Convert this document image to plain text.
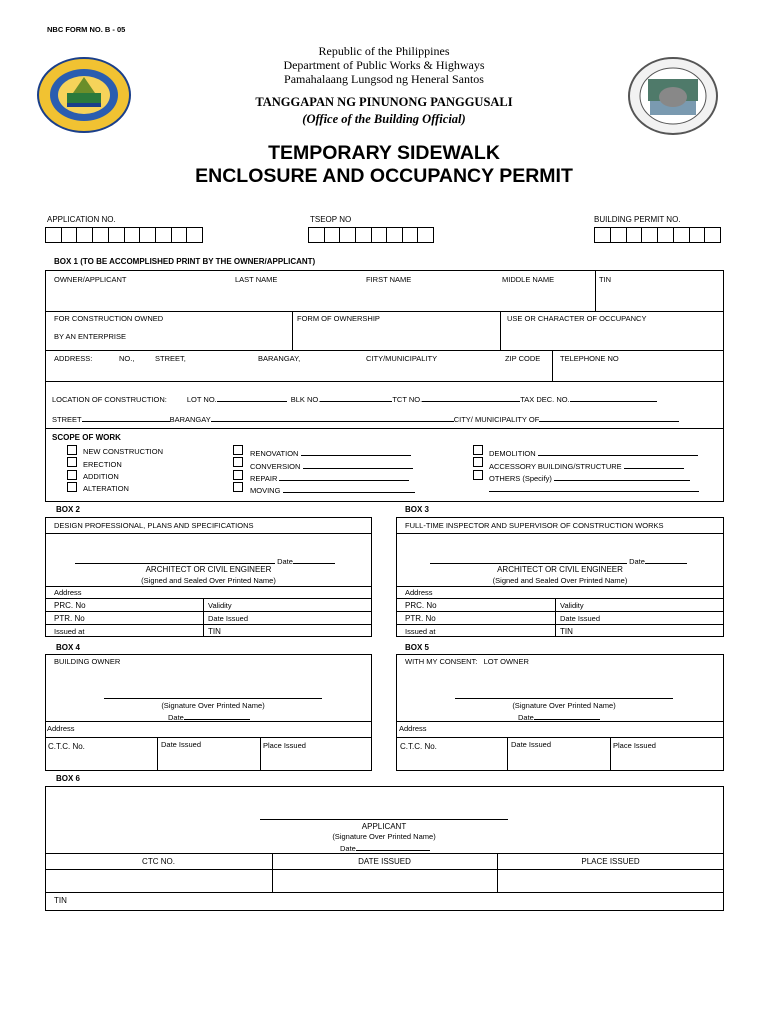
NBC FORM NO. B - 05
Republic of the Philippines
Department of Public Works & Highways
Pamahalaang Lungsod ng Heneral Santos
TANGGAPAN NG PINUNONG PANGGUSALI
(Office of the Building Official)
TEMPORARY SIDEWALK
ENCLOSURE AND OCCUPANCY PERMIT
APPLICATION NO.	TSEOP NO	BUILDING PERMIT NO.
BOX 1 (TO BE ACCOMPLISHED PRINT BY THE OWNER/APPLICANT)
OWNER/APPLICANT	LAST NAME	FIRST NAME	MIDDLE NAME	TIN
FOR CONSTRUCTION OWNED
BY AN ENTERPRISE
FORM OF OWNERSHIP	USE OR CHARACTER OF OCCUPANCY
ADDRESS:	NO.,	STREET,	BARANGAY,	CITY/MUNICIPALITY	ZIP CODE	TELEPHONE NO
LOCATION OF CONSTRUCTION:	LOT NO.	BLK NO.	TCT NO.	TAX DEC. NO.
STREET	BARANGAY	CITY/ MUNICIPALITY OF
SCOPE OF WORK
NEW CONSTRUCTION
ERECTION
ADDITION
ALTERATION
RENOVATION
CONVERSION
REPAIR
MOVING
DEMOLITION
ACCESSORY BUILDING/STRUCTURE
OTHERS (Specify)
BOX 2
DESIGN PROFESSIONAL, PLANS AND SPECIFICATIONS
Date
ARCHITECT OR CIVIL ENGINEER
(Signed and Sealed Over Printed Name)
Address
PRC. No	Validity
PTR. No	Date Issued
Issued at	TIN
BOX 3
FULL-TIME INSPECTOR AND SUPERVISOR OF CONSTRUCTION WORKS
Date
ARCHITECT OR CIVIL ENGINEER
(Signed and Sealed Over Printed Name)
Address
PRC. No	Validity
PTR. No	Date Issued
Issued at	TIN
BOX 4
BUILDING OWNER
(Signature Over Printed Name)
Date
Address
C.T.C. No.	Date Issued	Place Issued
BOX 5
WITH MY CONSENT:   LOT OWNER
(Signature Over Printed Name)
Date
Address
C.T.C. No.	Date Issued	Place Issued
BOX 6
APPLICANT
(Signature Over Printed Name)
Date
CTC NO.	DATE ISSUED	PLACE ISSUED
TIN
